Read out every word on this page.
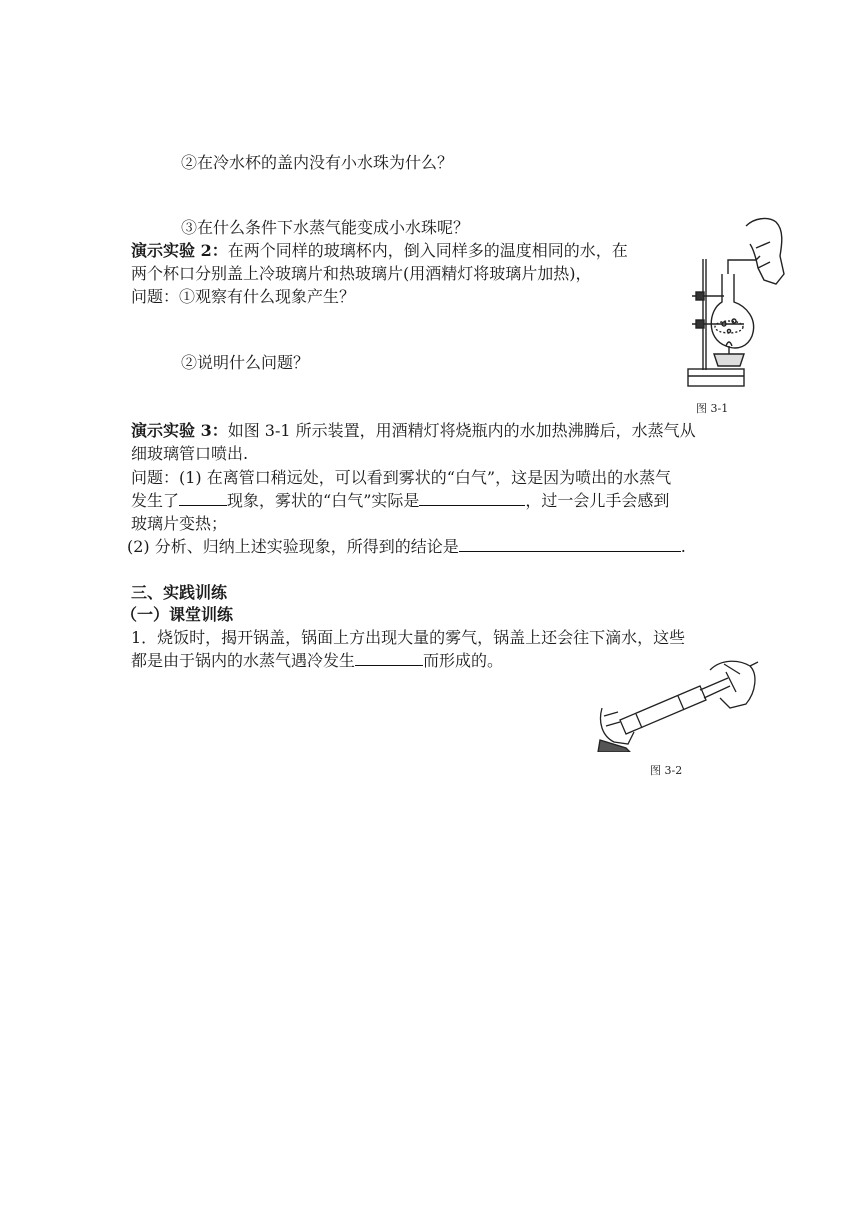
②在冷水杯的盖内没有小水珠为什么？
③在什么条件下水蒸气能变成小水珠呢？
演示实验 2：在两个同样的玻璃杯内，倒入同样多的温度相同的水，在
两个杯口分别盖上冷玻璃片和热玻璃片(用酒精灯将玻璃片加热)，
问题：①观察有什么现象产生？
②说明什么问题？
图 3-1
演示实验 3：如图 3-1 所示装置，用酒精灯将烧瓶内的水加热沸腾后，水蒸气从
细玻璃管口喷出.
问题：(1) 在离管口稍远处，可以看到雾状的“白气”，这是因为喷出的水蒸气
发生了	现象，雾状的“白气”实际是	，过一会儿手会感到
玻璃片变热；
(2) 分析、归纳上述实验现象，所得到的结论是	.
三、实践训练
（一）课堂训练
1．烧饭时，揭开锅盖，锅面上方出现大量的雾气，锅盖上还会往下滴水，这些
都是由于锅内的水蒸气遇冷发生	而形成的。
图 3-2
